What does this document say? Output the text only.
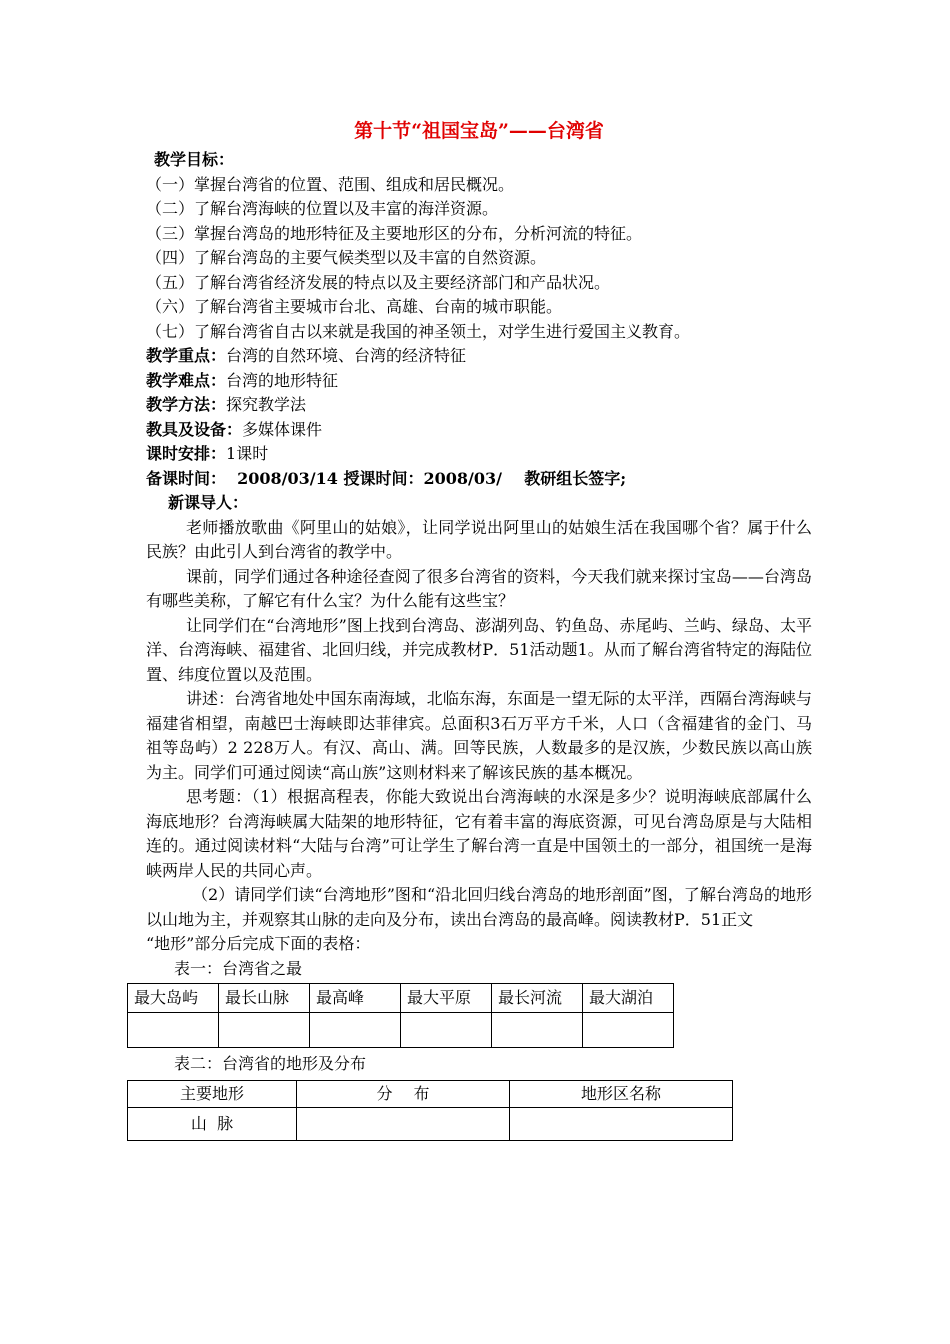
第十节“祖国宝岛”——台湾省
教学目标：
（一）掌握台湾省的位置、范围、组成和居民概况。
（二）了解台湾海峡的位置以及丰富的海洋资源。
（三）掌握台湾岛的地形特征及主要地形区的分布，分析河流的特征。
（四）了解台湾岛的主要气候类型以及丰富的自然资源。
（五）了解台湾省经济发展的特点以及主要经济部门和产品状况。
（六）了解台湾省主要城市台北、高雄、台南的城市职能。
（七）了解台湾省自古以来就是我国的神圣领土，对学生进行爱国主义教育。
教学重点：台湾的自然环境、台湾的经济特征
教学难点：台湾的地形特征
教学方法：探究教学法
教具及设备：多媒体课件
课时安排：1课时
备课时间：  2008/03/14 授课时间：2008/03/    教研组长签字;
新课导人：

老师播放歌曲《阿里山的姑娘》，让同学说出阿里山的姑娘生活在我国哪个省？属于什么民族？由此引人到台湾省的教学中。

课前，同学们通过各种途径查阅了很多台湾省的资料，今天我们就来探讨宝岛——台湾岛有哪些美称，了解它有什么宝？为什么能有这些宝？

让同学们在“台湾地形”图上找到台湾岛、澎湖列岛、钓鱼岛、赤尾屿、兰屿、绿岛、太平洋、台湾海峡、福建省、北回归线，并完成教材P．51活动题1。从而了解台湾省特定的海陆位置、纬度位置以及范围。

讲述：台湾省地处中国东南海域，北临东海，东面是一望无际的太平洋，西隔台湾海峡与福建省相望，南越巴士海峡即达菲律宾。总面积3石万平方千米，人口（含福建省的金门、马祖等岛屿）2 228万人。有汉、高山、满。回等民族，人数最多的是汉族，少数民族以高山族为主。同学们可通过阅读“高山族”这则材料来了解该民族的基本概况。

思考题：（1）根据高程表，你能大致说出台湾海峡的水深是多少？说明海峡底部属什么海底地形？台湾海峡属大陆架的地形特征，它有着丰富的海底资源，可见台湾岛原是与大陆相连的。通过阅读材料“大陆与台湾”可让学生了解台湾一直是中国领土的一部分，祖国统一是海峡两岸人民的共同心声。

（2）请同学们读“台湾地形”图和“沿北回归线台湾岛的地形剖面”图，了解台湾岛的地形以山地为主，并观察其山脉的走向及分布，读出台湾岛的最高峰。阅读教材P．51正文

“地形”部分后完成下面的表格：
表一：台湾省之最
最大岛屿	最长山脉	最高峰	最大平原	最长河流	最大湖泊

表二：台湾省的地形及分布
主要地形	分　 布	地形区名称
山  脉		
